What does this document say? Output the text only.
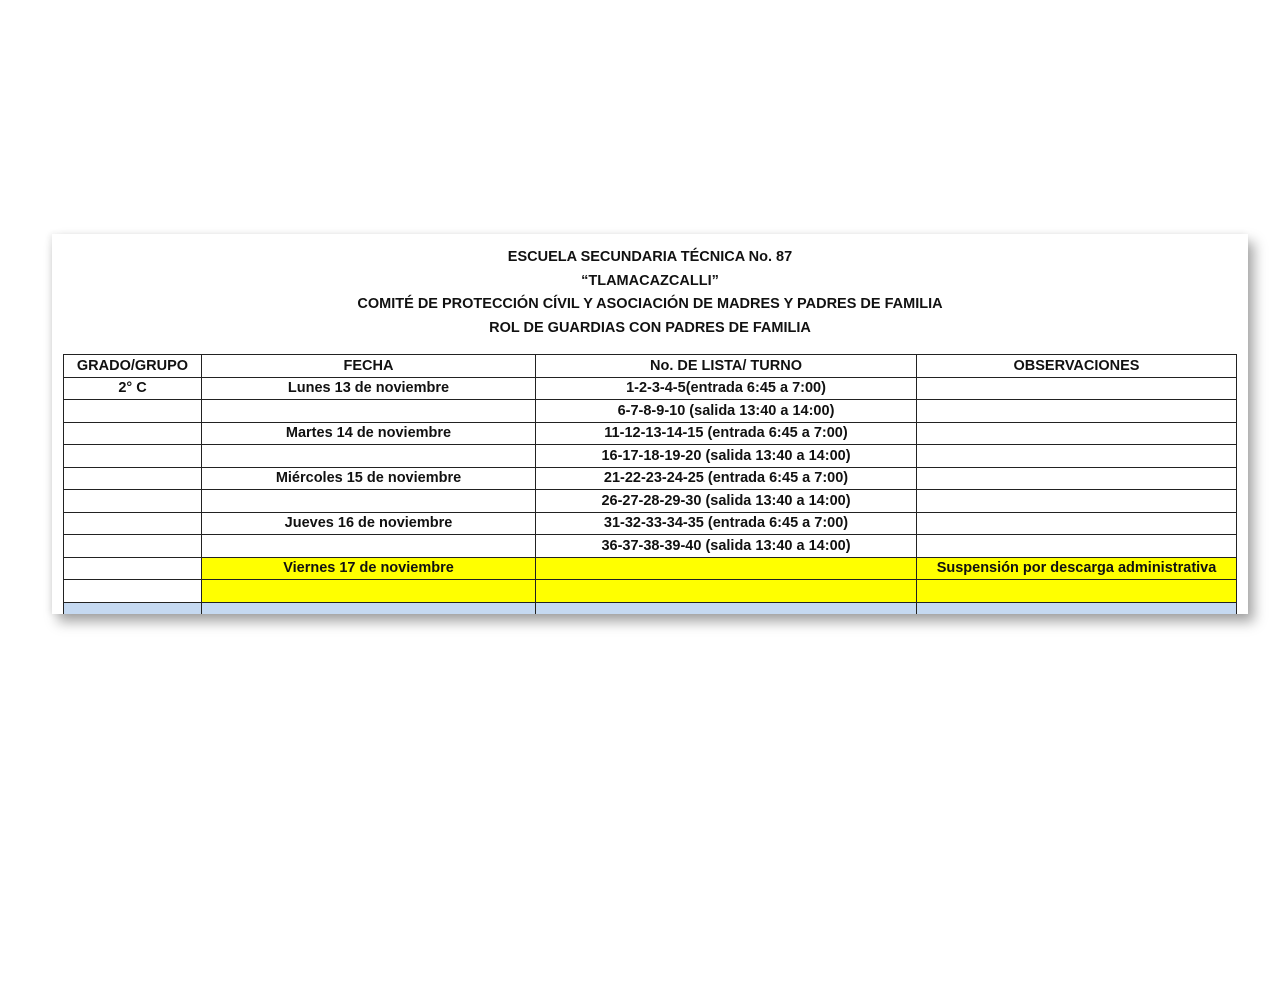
ESCUELA SECUNDARIA TÉCNICA No. 87
“TLAMACAZCALLI”
COMITÉ DE PROTECCIÓN CÍVIL Y ASOCIACIÓN DE MADRES Y PADRES DE FAMILIA
ROL DE GUARDIAS CON PADRES DE FAMILIA
GRADO/GRUPO	FECHA	No. DE LISTA/ TURNO	OBSERVACIONES
2° C	Lunes 13 de noviembre	1-2-3-4-5(entrada 6:45 a 7:00)	
		6-7-8-9-10 (salida 13:40 a 14:00)	
	Martes 14 de noviembre	11-12-13-14-15 (entrada 6:45 a 7:00)	
		16-17-18-19-20 (salida 13:40 a 14:00)	
	Miércoles 15 de noviembre	21-22-23-24-25 (entrada 6:45 a 7:00)	
		26-27-28-29-30 (salida 13:40 a 14:00)	
	Jueves 16 de noviembre	31-32-33-34-35 (entrada 6:45 a 7:00)	
		36-37-38-39-40 (salida 13:40 a 14:00)	
	Viernes 17 de noviembre		Suspensión por descarga administrativa
